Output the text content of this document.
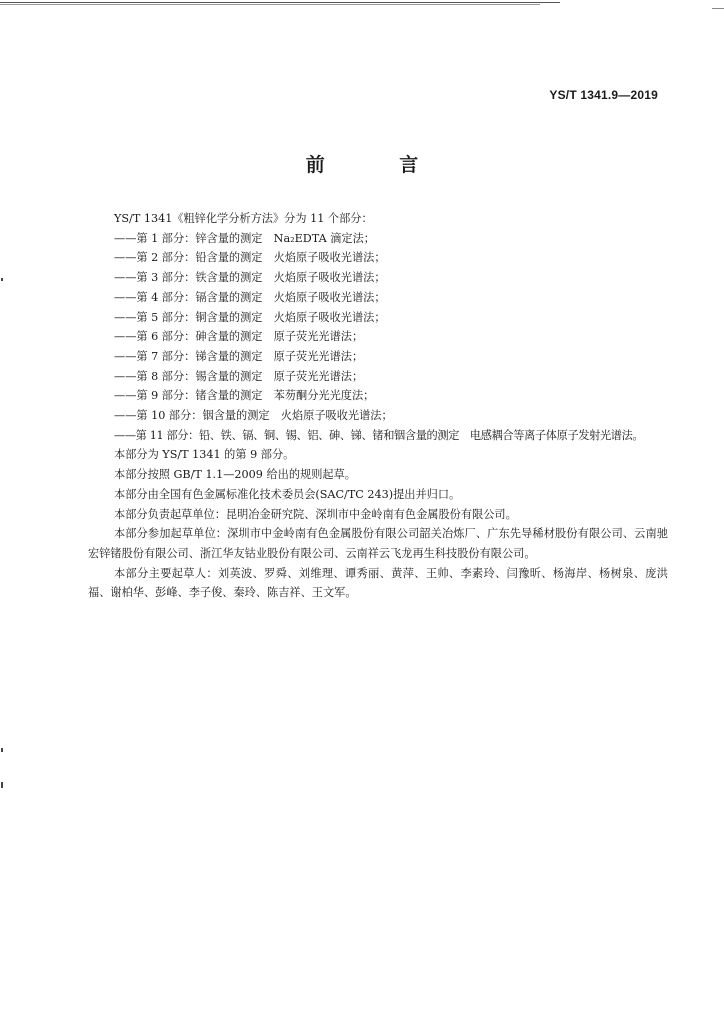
YS/T 1341.9—2019
前 言

YS/T 1341《粗锌化学分析方法》分为 11 个部分：

——第 1 部分：锌含量的测定　Na₂EDTA 滴定法；

——第 2 部分：铅含量的测定　火焰原子吸收光谱法；

——第 3 部分：铁含量的测定　火焰原子吸收光谱法；

——第 4 部分：镉含量的测定　火焰原子吸收光谱法；

——第 5 部分：铜含量的测定　火焰原子吸收光谱法；

——第 6 部分：砷含量的测定　原子荧光光谱法；

——第 7 部分：锑含量的测定　原子荧光光谱法；

——第 8 部分：锡含量的测定　原子荧光光谱法；

——第 9 部分：锗含量的测定　苯芴酮分光光度法；

——第 10 部分：铟含量的测定　火焰原子吸收光谱法；

——第 11 部分：铅、铁、镉、铜、锡、铝、砷、锑、锗和铟含量的测定　电感耦合等离子体原子发射光谱法。

本部分为 YS/T 1341 的第 9 部分。

本部分按照 GB/T 1.1—2009 给出的规则起草。

本部分由全国有色金属标准化技术委员会(SAC/TC 243)提出并归口。

本部分负责起草单位：昆明冶金研究院、深圳市中金岭南有色金属股份有限公司。

本部分参加起草单位：深圳市中金岭南有色金属股份有限公司韶关冶炼厂、广东先导稀材股份有限公司、云南驰宏锌锗股份有限公司、浙江华友钴业股份有限公司、云南祥云飞龙再生科技股份有限公司。

本部分主要起草人：刘英波、罗舜、刘维理、谭秀丽、黄萍、王帅、李素玲、闫豫昕、杨海岸、杨树泉、庞洪福、谢柏华、彭峰、李子俊、秦玲、陈吉祥、王文军。
